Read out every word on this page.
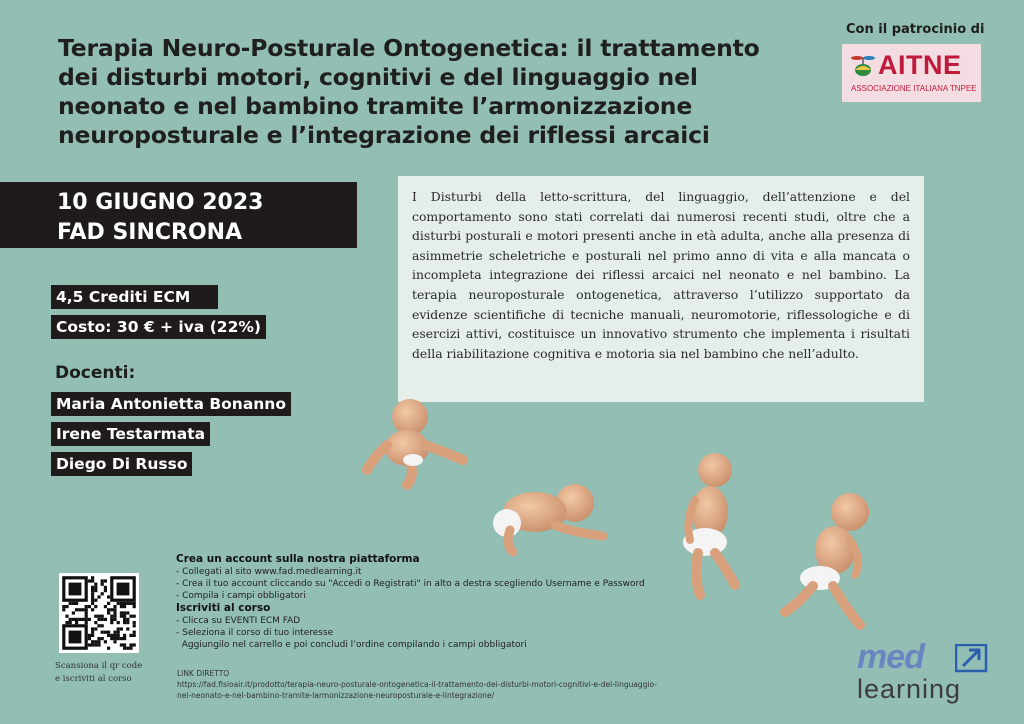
Terapia Neuro-Posturale Ontogenetica: il trattamento
dei disturbi motori, cognitivi e del linguaggio nel
neonato e nel bambino tramite l’armonizzazione
neuroposturale e l’integrazione dei riflessi arcaici
Con il patrocinio di
AITNE
ASSOCIAZIONE ITALIANA TNPEE
10 GIUGNO 2023
FAD SINCRONA
4,5 Crediti ECM
Costo: 30 € + iva (22%)
Docenti:
Maria Antonietta Bonanno
Irene Testarmata
Diego Di Russo

I Disturbi della letto-scrittura, del linguaggio, dell’attenzione e del comportamento sono stati correlati dai numerosi recenti studi, oltre che a disturbi posturali e motori presenti anche in età adulta, anche alla presenza di asimmetrie scheletriche e posturali nel primo anno di vita e alla mancata o incompleta integrazione dei riflessi arcaici nel neonato e nel bambino. La terapia neuroposturale ontogenetica, attraverso l’utilizzo supportato da evidenze scientifiche di tecniche manuali, neuromotorie, riflessologiche e di esercizi attivi, costituisce un innovativo strumento che implementa i risultati della riabilitazione cognitiva e motoria sia nel bambino che nell’adulto.

Scansiona il qr code
e iscriviti al corso
Crea un account sulla nostra piattaforma
- Collegati al sito www.fad.medlearning.it
- Crea il tuo account cliccando su "Accedi o Registrati" in alto a destra scegliendo Username e Password
- Compila i campi obbligatori
Iscriviti al corso
- Clicca su EVENTI ECM FAD
- Seleziona il corso di tuo interesse
Aggiungilo nel carrello e poi concludi l’ordine compilando i campi obbligatori
LINK DIRETTO
https://fad.fisioair.it/prodotto/terapia-neuro-posturale-ontogenetica-il-trattamento-dei-disturbi-motori-cognitivi-e-del-linguaggio-
nel-neonato-e-nel-bambino-tramite-larmonizzazione-neuroposturale-e-lintegrazione/
med
learning
